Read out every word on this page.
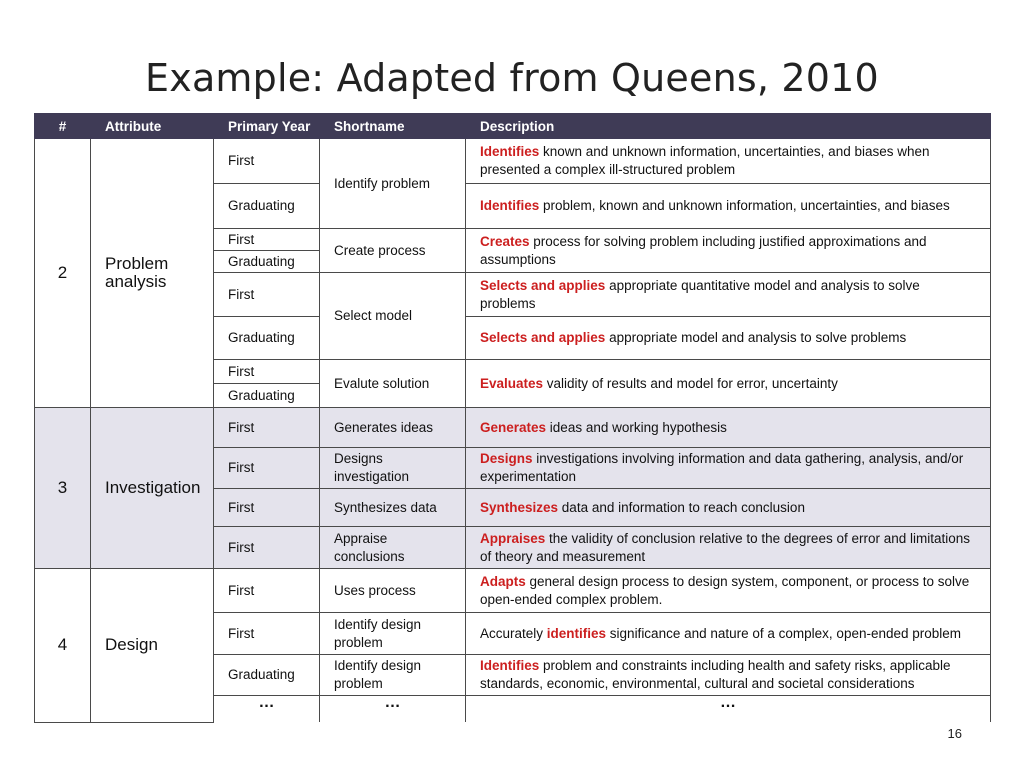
Example: Adapted from Queens, 2010
#	Attribute	Primary Year	Shortname	Description
2	Problem analysis	First	Identify problem	Identifies known and unknown information, uncertainties, and biases when presented a complex ill-structured problem
		Graduating		Identifies problem, known and unknown information, uncertainties, and biases
		First	Create process	Creates process for solving problem including justified approximations and assumptions
		Graduating		
		First	Select model	Selects and applies appropriate quantitative model and analysis to solve problems
		Graduating		Selects and applies appropriate model and analysis to solve problems
		First	Evalute solution	Evaluates validity of results and model for error, uncertainty
		Graduating		
3	Investigation	First	Generates ideas	Generates ideas and working hypothesis
		First	Designs investigation	Designs investigations involving information and data gathering, analysis, and/or experimentation
		First	Synthesizes data	Synthesizes data and information to reach conclusion
		First	Appraise conclusions	Appraises the validity of conclusion relative to the degrees of error and limitations of theory and measurement
4	Design	First	Uses process	Adapts general design process to design system, component, or process to solve open-ended complex problem.
		First	Identify design problem	Accurately identifies significance and nature of a complex, open-ended problem
		Graduating	Identify design problem	Identifies problem and constraints including health and safety risks, applicable standards, economic, environmental, cultural and societal considerations
		…	…	…
16
